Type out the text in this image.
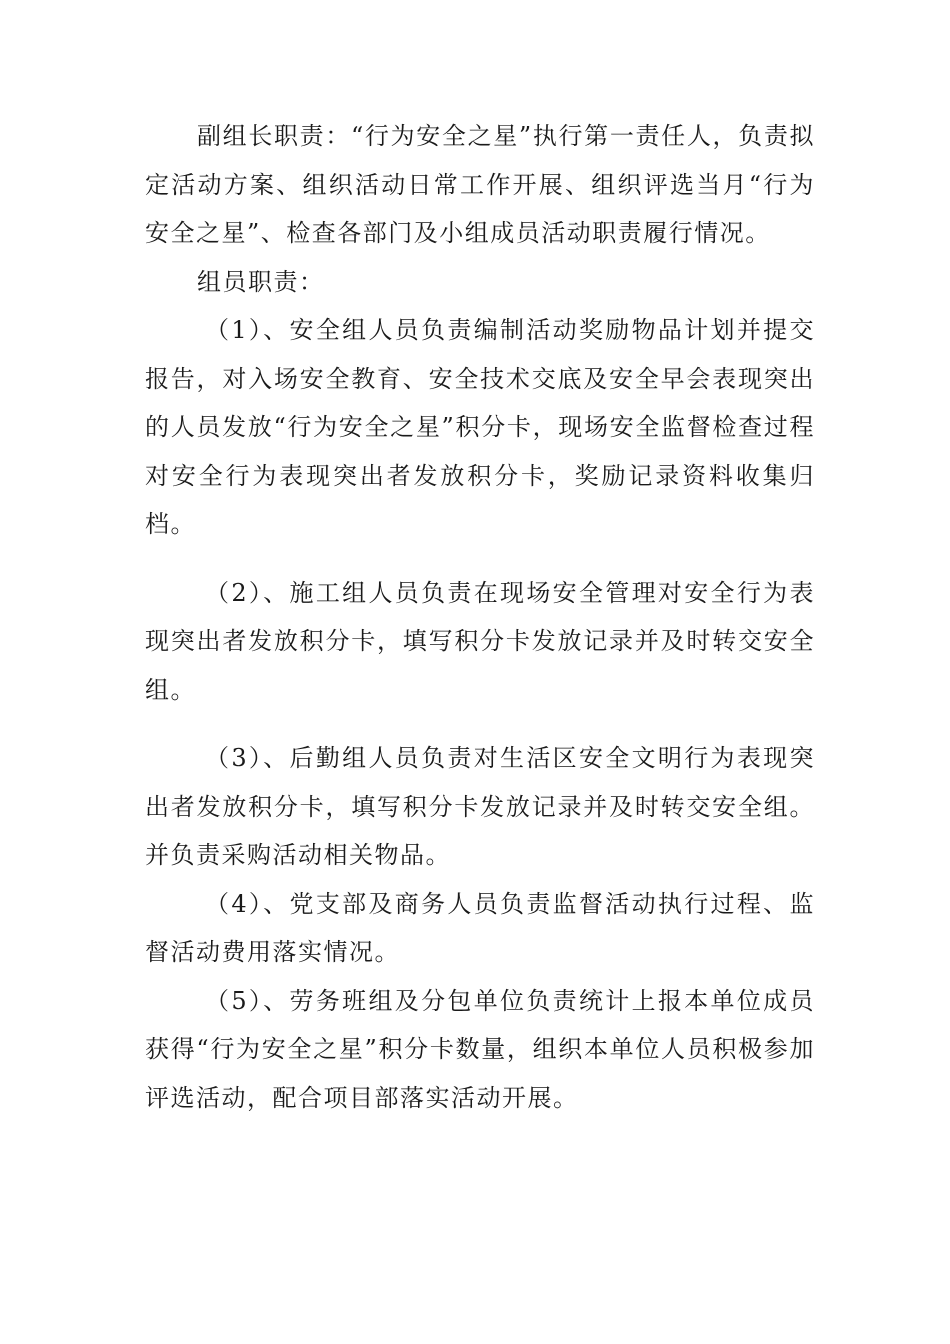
副组长职责：“行为安全之星”执行第一责任人，负责拟定活动方案、组织活动日常工作开展、组织评选当月“行为安全之星”、检查各部门及小组成员活动职责履行情况。

组员职责：

（1）、安全组人员负责编制活动奖励物品计划并提交报告，对入场安全教育、安全技术交底及安全早会表现突出的人员发放“行为安全之星”积分卡，现场安全监督检查过程对安全行为表现突出者发放积分卡，奖励记录资料收集归档。

（2）、施工组人员负责在现场安全管理对安全行为表现突出者发放积分卡，填写积分卡发放记录并及时转交安全组。

（3）、后勤组人员负责对生活区安全文明行为表现突出者发放积分卡，填写积分卡发放记录并及时转交安全组。并负责采购活动相关物品。

（4）、党支部及商务人员负责监督活动执行过程、监督活动费用落实情况。

（5）、劳务班组及分包单位负责统计上报本单位成员获得“行为安全之星”积分卡数量，组织本单位人员积极参加评选活动，配合项目部落实活动开展。
